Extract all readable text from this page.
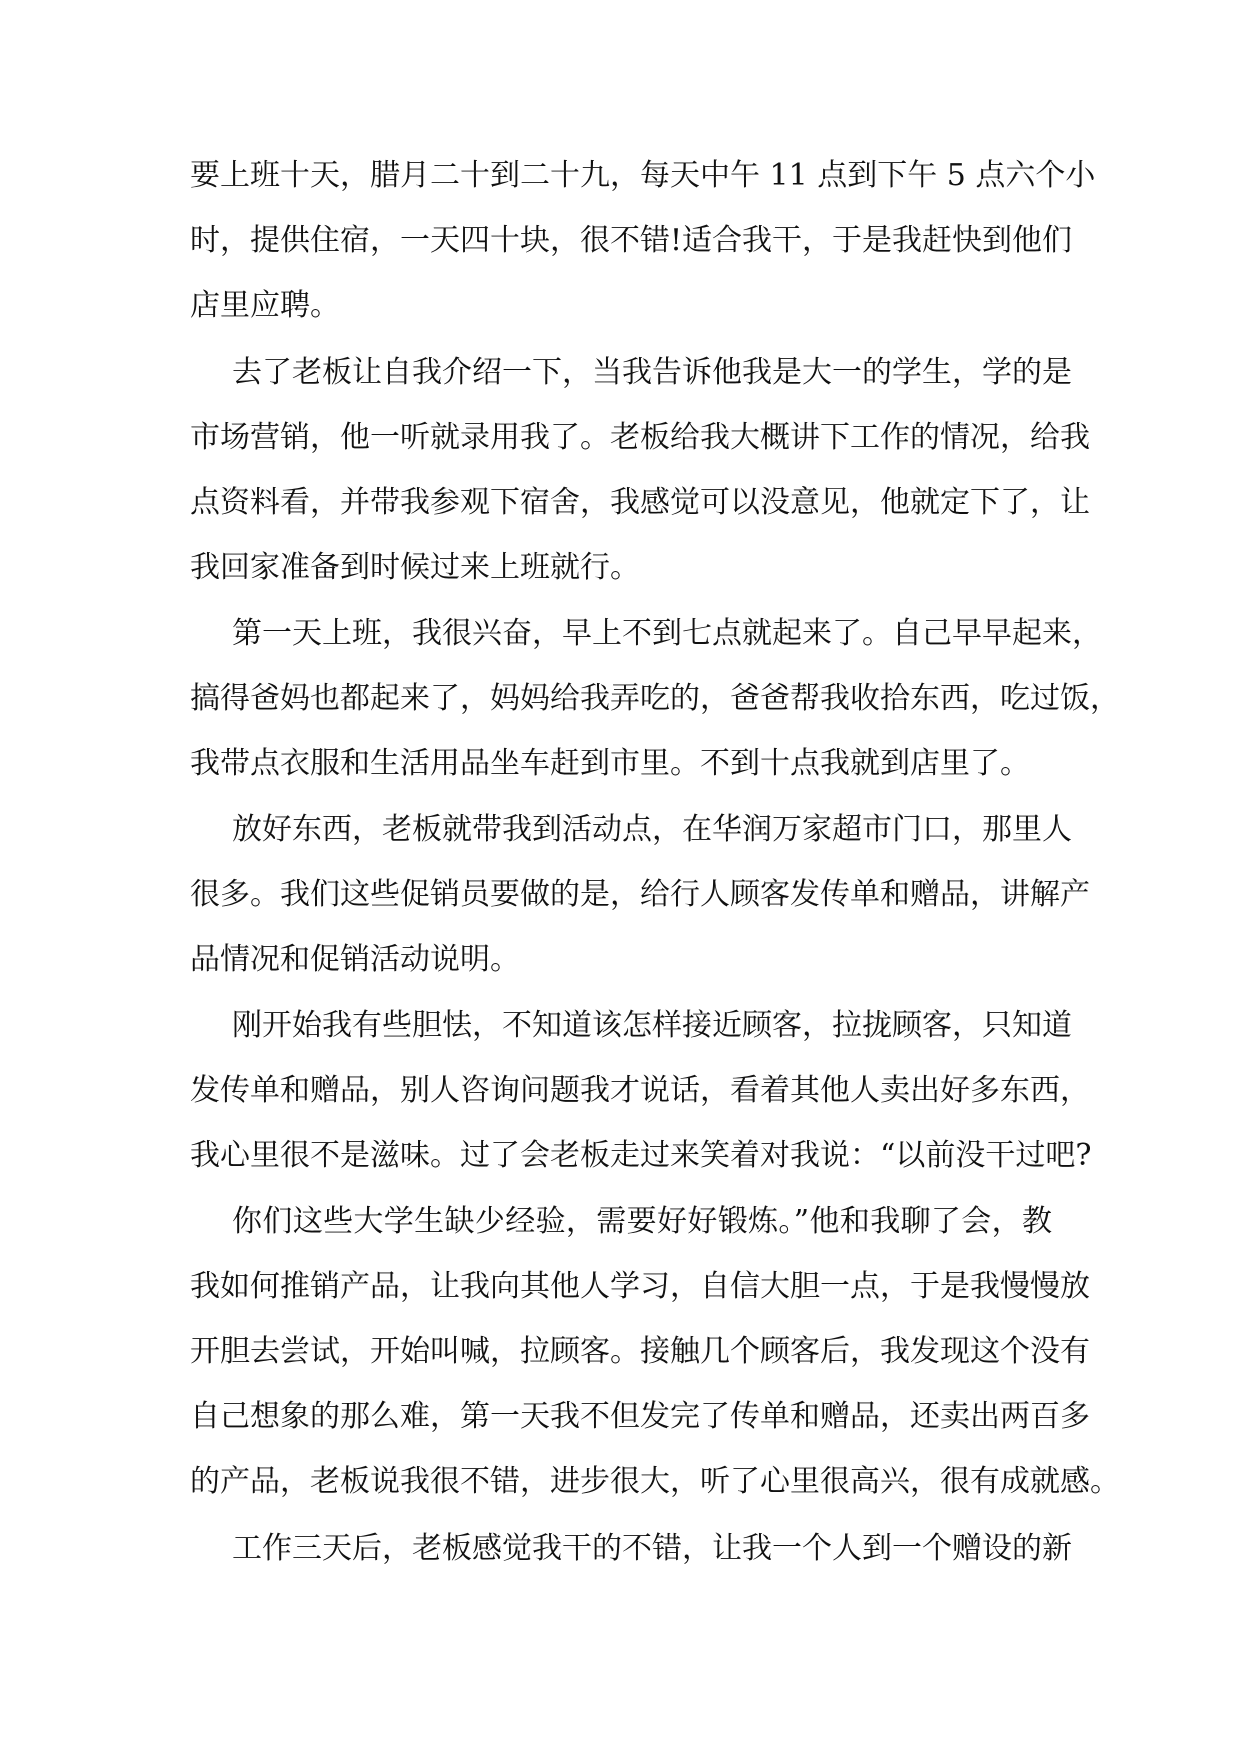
要上班十天，腊月二十到二十九，每天中午 11 点到下午 5 点六个小
时，提供住宿，一天四十块，很不错!适合我干，于是我赶快到他们
店里应聘。
去了老板让自我介绍一下，当我告诉他我是大一的学生，学的是
市场营销，他一听就录用我了。老板给我大概讲下工作的情况，给我
点资料看，并带我参观下宿舍，我感觉可以没意见，他就定下了，让
我回家准备到时候过来上班就行。
第一天上班，我很兴奋，早上不到七点就起来了。自己早早起来，
搞得爸妈也都起来了，妈妈给我弄吃的，爸爸帮我收拾东西，吃过饭，
我带点衣服和生活用品坐车赶到市里。不到十点我就到店里了。
放好东西，老板就带我到活动点，在华润万家超市门口，那里人
很多。我们这些促销员要做的是，给行人顾客发传单和赠品，讲解产
品情况和促销活动说明。
刚开始我有些胆怯，不知道该怎样接近顾客，拉拢顾客，只知道
发传单和赠品，别人咨询问题我才说话，看着其他人卖出好多东西，
我心里很不是滋味。过了会老板走过来笑着对我说：“以前没干过吧?
你们这些大学生缺少经验，需要好好锻炼。”他和我聊了会，教
我如何推销产品，让我向其他人学习，自信大胆一点，于是我慢慢放
开胆去尝试，开始叫喊，拉顾客。接触几个顾客后，我发现这个没有
自己想象的那么难，第一天我不但发完了传单和赠品，还卖出两百多
的产品，老板说我很不错，进步很大，听了心里很高兴，很有成就感。
工作三天后，老板感觉我干的不错，让我一个人到一个赠设的新
